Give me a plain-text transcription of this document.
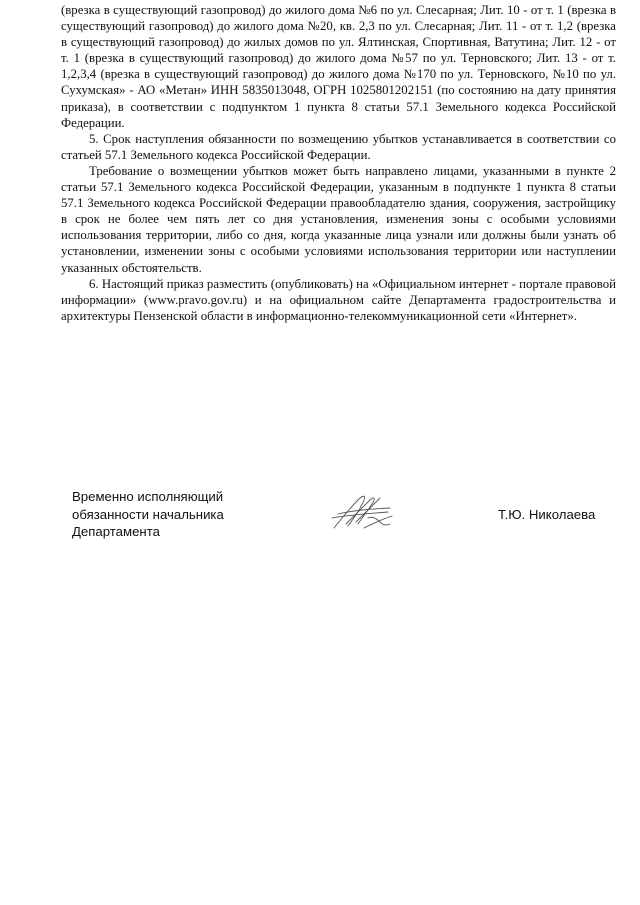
(врезка в существующий газопровод) до жилого дома №6 по ул. Слесарная; Лит. 10 - от т. 1 (врезка в существующий газопровод) до жилого дома №20, кв. 2,3 по ул. Слесарная; Лит. 11 - от т. 1,2 (врезка в существующий газопровод) до жилых домов по ул. Ялтинская, Спортивная, Ватутина; Лит. 12 - от т. 1 (врезка в существующий газопровод) до жилого дома №57 по ул. Терновского; Лит. 13 - от т. 1,2,3,4 (врезка в существующий газопровод) до жилого дома №170 по ул. Терновского, №10 по ул. Сухумская» - АО «Метан» ИНН 5835013048, ОГРН 1025801202151 (по состоянию на дату принятия приказа), в соответствии с подпунктом 1 пункта 8 статьи 57.1 Земельного кодекса Российской Федерации.

5. Срок наступления обязанности по возмещению убытков устанавливается в соответствии со статьей 57.1 Земельного кодекса Российской Федерации.

Требование о возмещении убытков может быть направлено лицами, указанными в пункте 2 статьи 57.1 Земельного кодекса Российской Федерации, указанным в подпункте 1 пункта 8 статьи 57.1 Земельного кодекса Российской Федерации правообладателю здания, сооружения, застройщику в срок не более чем пять лет со дня установления, изменения зоны с особыми условиями использования территории, либо со дня, когда указанные лица узнали или должны были узнать об установлении, изменении зоны с особыми условиями использования территории или наступлении указанных обстоятельств.

6. Настоящий приказ разместить (опубликовать) на «Официальном интернет - портале правовой информации» (www.pravo.gov.ru) и на официальном сайте Департамента градостроительства и архитектуры Пензенской области в информационно-телекоммуникационной сети «Интернет».

Временно исполняющий
обязанности начальника
Департамента
Т.Ю. Николаева
